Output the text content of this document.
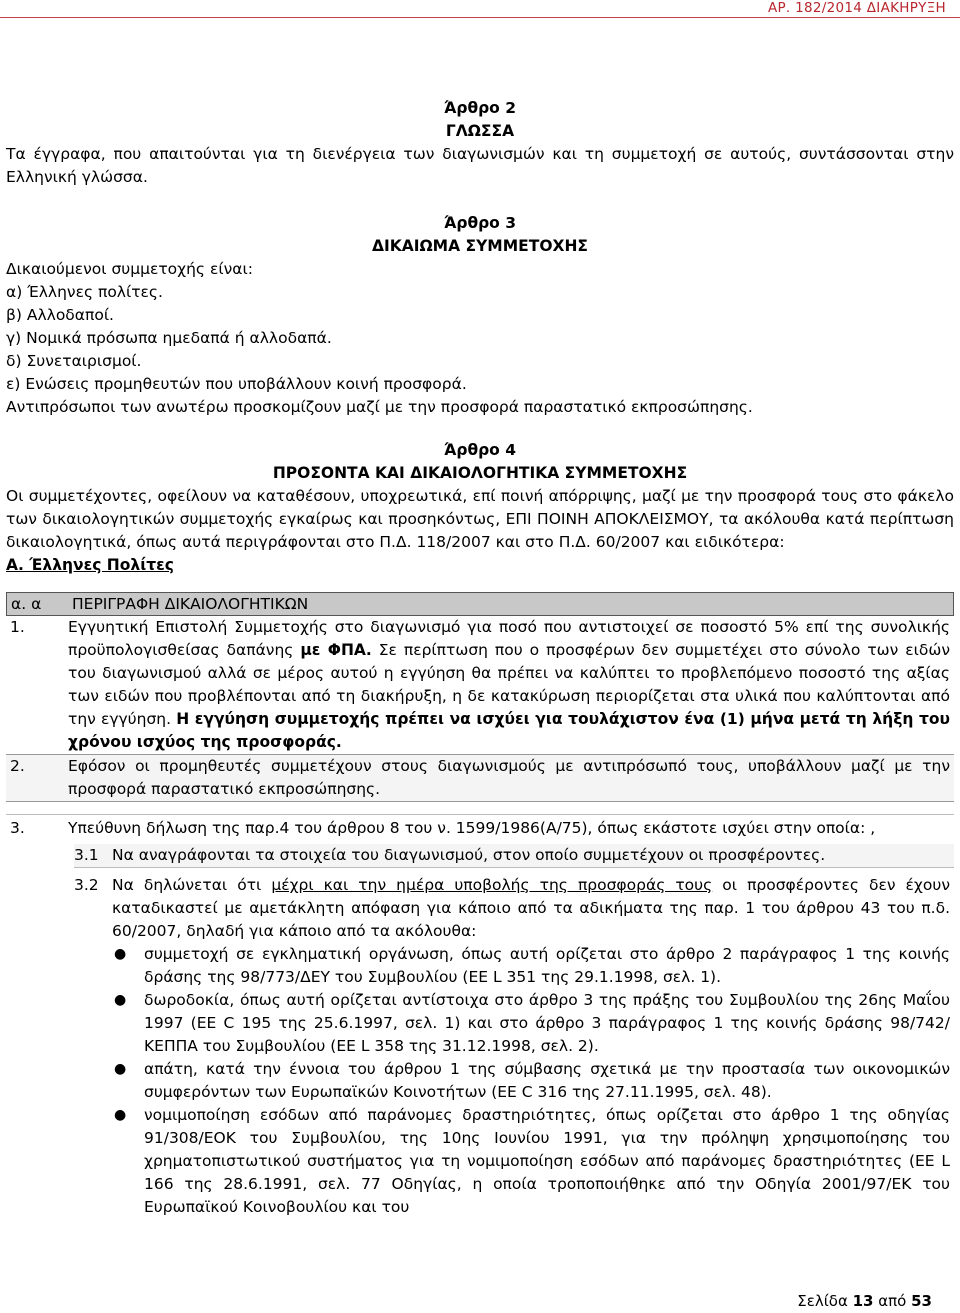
ΑΡ. 182/2014 ΔΙΑΚΗΡΥΞΗ
Άρθρο 2
ΓΛΩΣΣΑ
Τα έγγραφα, που απαιτούνται για τη διενέργεια των διαγωνισμών και τη συμμετοχή σε αυτούς, συντάσσονται στην Ελληνική γλώσσα.
Άρθρο 3
ΔΙΚΑΙΩΜΑ ΣΥΜΜΕΤΟΧΗΣ
Δικαιούμενοι συμμετοχής είναι:
α) Έλληνες πολίτες.
β) Αλλοδαποί.
γ) Νομικά πρόσωπα ημεδαπά ή αλλοδαπά.
δ) Συνεταιρισμοί.
ε) Ενώσεις προμηθευτών που υποβάλλουν κοινή προσφορά.
Αντιπρόσωποι των ανωτέρω προσκομίζουν μαζί με την προσφορά παραστατικό εκπροσώπησης.
Άρθρο 4
ΠΡΟΣΟΝΤΑ ΚΑΙ ΔΙΚΑΙΟΛΟΓΗΤΙΚΑ ΣΥΜΜΕΤΟΧΗΣ
Οι συμμετέχοντες, οφείλουν να καταθέσουν, υποχρεωτικά, επί ποινή απόρριψης, μαζί με την προσφορά τους στο φάκελο των δικαιολογητικών συμμετοχής εγκαίρως και προσηκόντως, ΕΠΙ ΠΟΙΝΗ ΑΠΟΚΛΕΙΣΜΟΥ, τα ακόλουθα κατά περίπτωση δικαιολογητικά, όπως αυτά περιγράφονται στο Π.Δ. 118/2007 και στο Π.Δ. 60/2007 και ειδικότερα:
Α. Έλληνες Πολίτες
α. α	ΠΕΡΙΓΡΑΦΗ ΔΙΚΑΙΟΛΟΓΗΤΙΚΩΝ
1.	Εγγυητική Επιστολή Συμμετοχής στο διαγωνισμό για ποσό που αντιστοιχεί σε ποσοστό 5% επί της συνολικής προϋπολογισθείσας δαπάνης με ΦΠΑ. Σε περίπτωση που ο προσφέρων δεν συμμετέχει στο σύνολο των ειδών του διαγωνισμού αλλά σε μέρος αυτού η εγγύηση θα πρέπει να καλύπτει το προβλεπόμενο ποσοστό της αξίας των ειδών που προβλέπονται από τη διακήρυξη, η δε κατακύρωση περιορίζεται στα υλικά που καλύπτονται από την εγγύηση. Η εγγύηση συμμετοχής πρέπει να ισχύει για τουλάχιστον ένα (1) μήνα μετά τη λήξη του χρόνου ισχύος της προσφοράς.
2.	Εφόσον οι προμηθευτές συμμετέχουν στους διαγωνισμούς με αντιπρόσωπό τους, υποβάλλουν μαζί με την προσφορά παραστατικό εκπροσώπησης.
3.	Υπεύθυνη δήλωση της παρ.4 του άρθρου 8 του ν. 1599/1986(Α/75), όπως εκάστοτε ισχύει στην οποία: ,
3.1 Να αναγράφονται τα στοιχεία του διαγωνισμού, στον οποίο συμμετέχουν οι προσφέροντες.
3.2 Να δηλώνεται ότι μέχρι και την ημέρα υποβολής της προσφοράς τους οι προσφέροντες δεν έχουν καταδικαστεί με αμετάκλητη απόφαση για κάποιο από τα αδικήματα της παρ. 1 του άρθρου 43 του π.δ. 60/2007, δηλαδή για κάποιο από τα ακόλουθα:
●	συμμετοχή σε εγκληματική οργάνωση, όπως αυτή ορίζεται στο άρθρο 2 παράγραφος 1 της κοινής δράσης της 98/773/ΔΕΥ του Συμβουλίου (ΕΕ L 351 της 29.1.1998, σελ. 1).
●	δωροδοκία, όπως αυτή ορίζεται αντίστοιχα στο άρθρο 3 της πράξης του Συμβουλίου της 26ης Μαΐου 1997 (ΕΕ C 195 της 25.6.1997, σελ. 1) και στο άρθρο 3 παράγραφος 1 της κοινής δράσης 98/742/ΚΕΠΠΑ του Συμβουλίου (ΕΕ L 358 της 31.12.1998, σελ. 2).
●	απάτη, κατά την έννοια του άρθρου 1 της σύμβασης σχετικά με την προστασία των οικονομικών συμφερόντων των Ευρωπαϊκών Κοινοτήτων (ΕΕ C 316 της 27.11.1995, σελ. 48).
●	νομιμοποίηση εσόδων από παράνομες δραστηριότητες, όπως ορίζεται στο άρθρο 1 της οδηγίας 91/308/ΕΟΚ του Συμβουλίου, της 10ης Ιουνίου 1991, για την πρόληψη χρησιμοποίησης του χρηματοπιστωτικού συστήματος για τη νομιμοποίηση εσόδων από παράνομες δραστηριότητες (ΕΕ L 166 της 28.6.1991, σελ. 77 Οδηγίας, η οποία τροποποιήθηκε από την Οδηγία 2001/97/ΕΚ του Ευρωπαϊκού Κοινοβουλίου και του
Σελίδα 13 από 53
